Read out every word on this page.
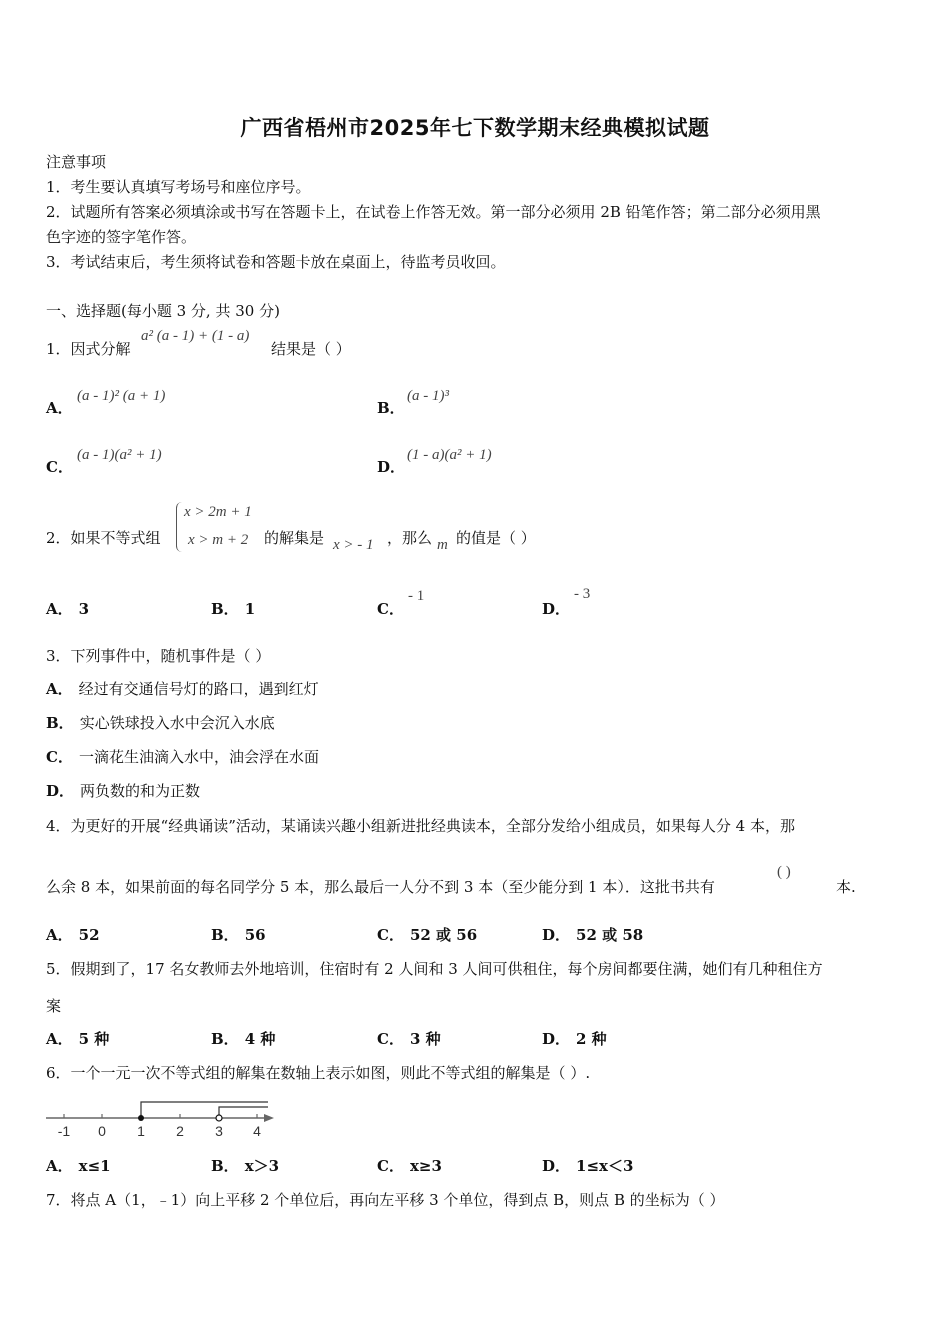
广西省梧州市2025年七下数学期末经典模拟试题
注意事项
1．考生要认真填写考场号和座位序号。
2．试题所有答案必须填涂或书写在答题卡上，在试卷上作答无效。第一部分必须用 2B 铅笔作答；第二部分必须用黑
色字迹的签字笔作答。
3．考试结束后，考生须将试卷和答题卡放在桌面上，待监考员收回。
一、选择题(每小题 3 分, 共 30 分)
1．因式分解
a² (a - 1) + (1 - a)
结果是（ ）
A．
(a - 1)² (a + 1)
B．
(a - 1)³
C．
(a - 1)(a² + 1)
D．
(1 - a)(a² + 1)
2．如果不等式组
x > 2m + 1
x > m + 2 的解集是 x > - 1 ，那么 m 的值是（ ）
A． 3	B． 1	C．
- 1
D．
- 3
3．下列事件中，随机事件是（ ）
A． 经过有交通信号灯的路口，遇到红灯
B． 实心铁球投入水中会沉入水底
C． 一滴花生油滴入水中，油会浮在水面
D． 两负数的和为正数
4．为更好的开展“经典诵读”活动，某诵读兴趣小组新进批经典读本，全部分发给小组成员，如果每人分 4 本，那
么余 8 本，如果前面的每名同学分 5 本，那么最后一人分不到 3 本（至少能分到 1 本）．这批书共有
( )
本.
A． 52	B． 56	C． 52 或 56	D． 52 或 58
5．假期到了，17 名女教师去外地培训，住宿时有 2 人间和 3 人间可供租住，每个房间都要住满，她们有几种租住方
案
A． 5 种	B． 4 种	C． 3 种	D． 2 种
6．一个一元一次不等式组的解集在数轴上表示如图，则此不等式组的解集是（ ）.
-1 0 1 2 3 4
A． x≤1	B． x＞3	C． x≥3	D． 1≤x＜3
7．将点 A（1，﹣1）向上平移 2 个单位后，再向左平移 3 个单位，得到点 B，则点 B 的坐标为（ ）
